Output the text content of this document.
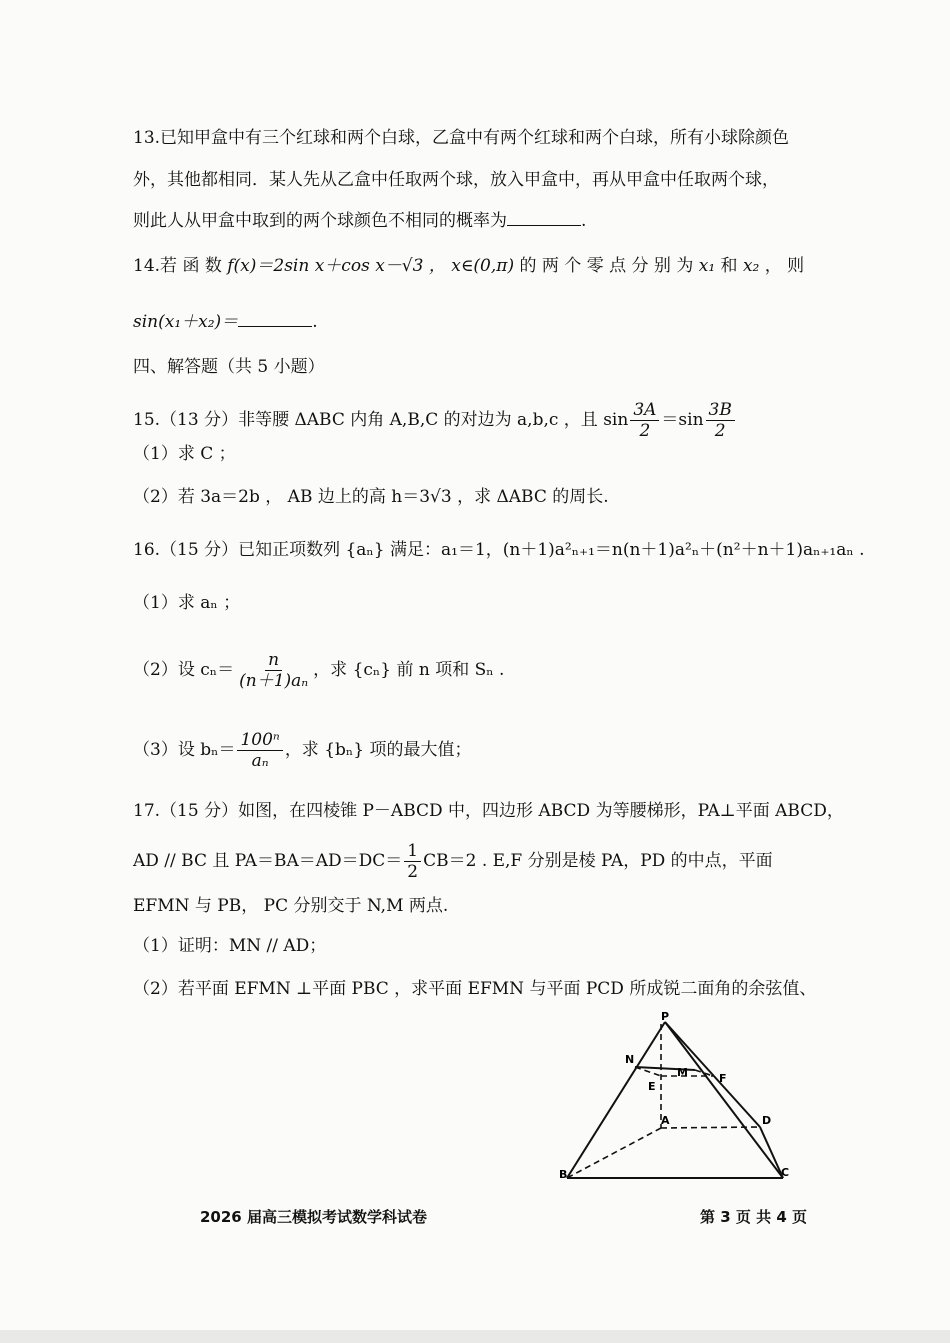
13.已知甲盒中有三个红球和两个白球，乙盒中有两个红球和两个白球，所有小球除颜色
外，其他都相同．某人先从乙盒中任取两个球，放入甲盒中，再从甲盒中任取两个球，
则此人从甲盒中取到的两个球颜色不相同的概率为	.
14.若 函 数 f(x)＝2sin x＋cos x－√3 ， x∈(0,π) 的 两 个 零 点 分 别 为 x₁ 和 x₂ ， 则
sin(x₁＋x₂)＝	.
四、解答题（共 5 小题）
15.（13 分）非等腰 ΔABC 内角 A,B,C 的对边为 a,b,c ，且 $\sin \frac{3A}{2} =\sin \frac{3B}{2}$
（1）求 C ；
（2）若 3a＝2b ， AB 边上的高 h＝3√3 ，求 ΔABC 的周长.
16.（15 分）已知正项数列 {aₙ} 满足：a₁＝1，(n＋1)a²ₙ₊₁＝n(n＋1)a²ₙ＋(n²＋n＋1)aₙ₊₁aₙ .
（1）求 aₙ ；
（2）设 $c_n= \frac{n}{\text{(n＋1)aₙ}}$ ，求 {cₙ} 前 n 项和 Sₙ .
（3）设 $b_n= \frac{\text{100ⁿ}}{\text{aₙ}}$ ，求 {bₙ} 项的最大值；
17.（15 分）如图，在四棱锥 P－ABCD 中，四边形 ABCD 为等腰梯形，PA⊥平面 ABCD，
AD // BC 且 $PA=BA=AD=DC= \frac{1}{2} CB=2$ . E,F 分别是棱 PA，PD 的中点，平面
EFMN 与 PB， PC 分别交于 N,M 两点.
（1）证明：MN // AD；
（2）若平面 EFMN ⊥平面 PBC ，求平面 EFMN 与平面 PCD 所成锐二面角的余弦值、
P
N
E
M	F
A	D
B	C
2026 届高三模拟考试数学科试卷	第 3 页 共 4 页
